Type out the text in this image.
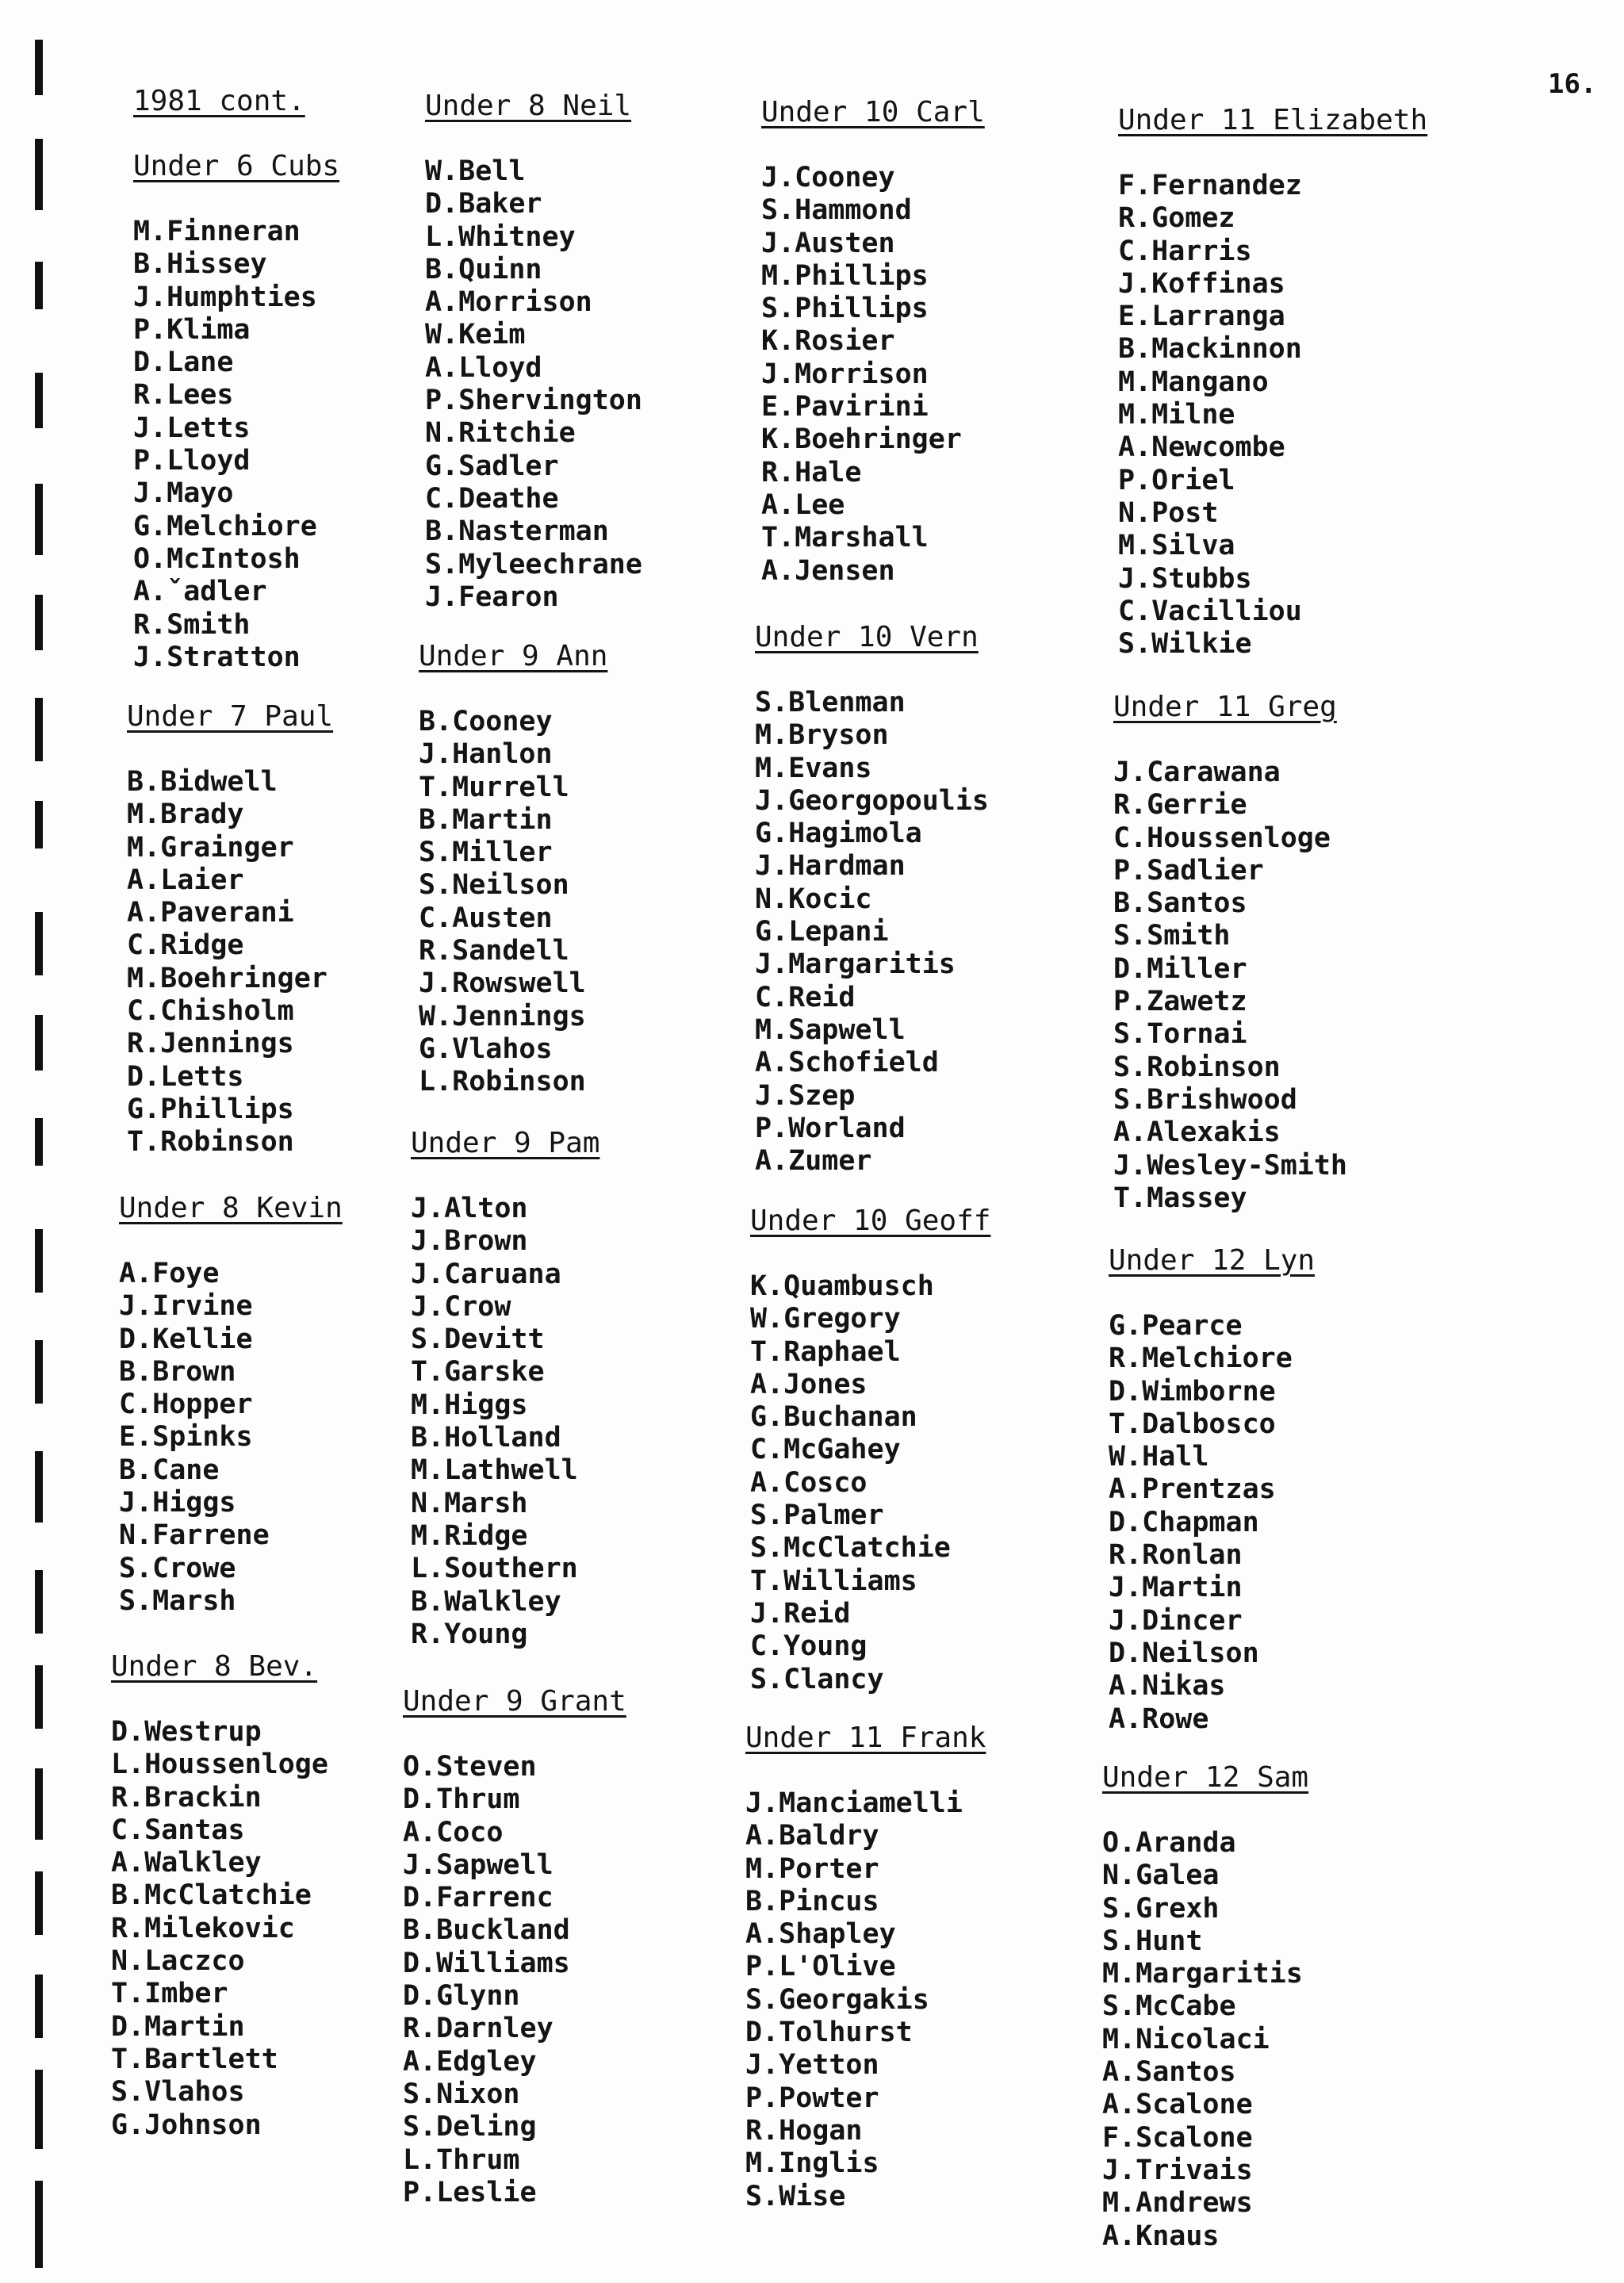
16.
1981 cont.
Under 6 Cubs
M.Finneran
B.Hissey
J.Humphties
P.Klima
D.Lane
R.Lees
J.Letts
P.Lloyd
J.Mayo
G.Melchiore
O.McIntosh
A.ˇadler
R.Smith
J.Stratton
Under 7 Paul
B.Bidwell
M.Brady
M.Grainger
A.Laier
A.Paverani
C.Ridge
M.Boehringer
C.Chisholm
R.Jennings
D.Letts
G.Phillips
T.Robinson
Under 8 Kevin
A.Foye
J.Irvine
D.Kellie
B.Brown
C.Hopper
E.Spinks
B.Cane
J.Higgs
N.Farrene
S.Crowe
S.Marsh
Under 8 Bev.
D.Westrup
L.Houssenloge
R.Brackin
C.Santas
A.Walkley
B.McClatchie
R.Milekovic
N.Laczco
T.Imber
D.Martin
T.Bartlett
S.Vlahos
G.Johnson
Under 8 Neil
W.Bell
D.Baker
L.Whitney
B.Quinn
A.Morrison
W.Keim
A.Lloyd
P.Shervington
N.Ritchie
G.Sadler
C.Deathe
B.Nasterman
S.Myleechrane
J.Fearon
Under 9 Ann
B.Cooney
J.Hanlon
T.Murrell
B.Martin
S.Miller
S.Neilson
C.Austen
R.Sandell
J.Rowswell
W.Jennings
G.Vlahos
L.Robinson
Under 9 Pam
J.Alton
J.Brown
J.Caruana
J.Crow
S.Devitt
T.Garske
M.Higgs
B.Holland
M.Lathwell
N.Marsh
M.Ridge
L.Southern
B.Walkley
R.Young
Under 9 Grant
O.Steven
D.Thrum
A.Coco
J.Sapwell
D.Farrenc
B.Buckland
D.Williams
D.Glynn
R.Darnley
A.Edgley
S.Nixon
S.Deling
L.Thrum
P.Leslie
Under 10 Carl
J.Cooney
S.Hammond
J.Austen
M.Phillips
S.Phillips
K.Rosier
J.Morrison
E.Pavirini
K.Boehringer
R.Hale
A.Lee
T.Marshall
A.Jensen
Under 10 Vern
S.Blenman
M.Bryson
M.Evans
J.Georgopoulis
G.Hagimola
J.Hardman
N.Kocic
G.Lepani
J.Margaritis
C.Reid
M.Sapwell
A.Schofield
J.Szep
P.Worland
A.Zumer
Under 10 Geoff
K.Quambusch
W.Gregory
T.Raphael
A.Jones
G.Buchanan
C.McGahey
A.Cosco
S.Palmer
S.McClatchie
T.Williams
J.Reid
C.Young
S.Clancy
Under 11 Frank
J.Manciamelli
A.Baldry
M.Porter
B.Pincus
A.Shapley
P.L'Olive
S.Georgakis
D.Tolhurst
J.Yetton
P.Powter
R.Hogan
M.Inglis
S.Wise
Under 11 Elizabeth
F.Fernandez
R.Gomez
C.Harris
J.Koffinas
E.Larranga
B.Mackinnon
M.Mangano
M.Milne
A.Newcombe
P.Oriel
N.Post
M.Silva
J.Stubbs
C.Vacilliou
S.Wilkie
Under 11 Greg
J.Carawana
R.Gerrie
C.Houssenloge
P.Sadlier
B.Santos
S.Smith
D.Miller
P.Zawetz
S.Tornai
S.Robinson
S.Brishwood
A.Alexakis
J.Wesley-Smith
T.Massey
Under 12 Lyn
G.Pearce
R.Melchiore
D.Wimborne
T.Dalbosco
W.Hall
A.Prentzas
D.Chapman
R.Ronlan
J.Martin
J.Dincer
D.Neilson
A.Nikas
A.Rowe
Under 12 Sam
O.Aranda
N.Galea
S.Grexh
S.Hunt
M.Margaritis
S.McCabe
M.Nicolaci
A.Santos
A.Scalone
F.Scalone
J.Trivais
M.Andrews
A.Knaus
